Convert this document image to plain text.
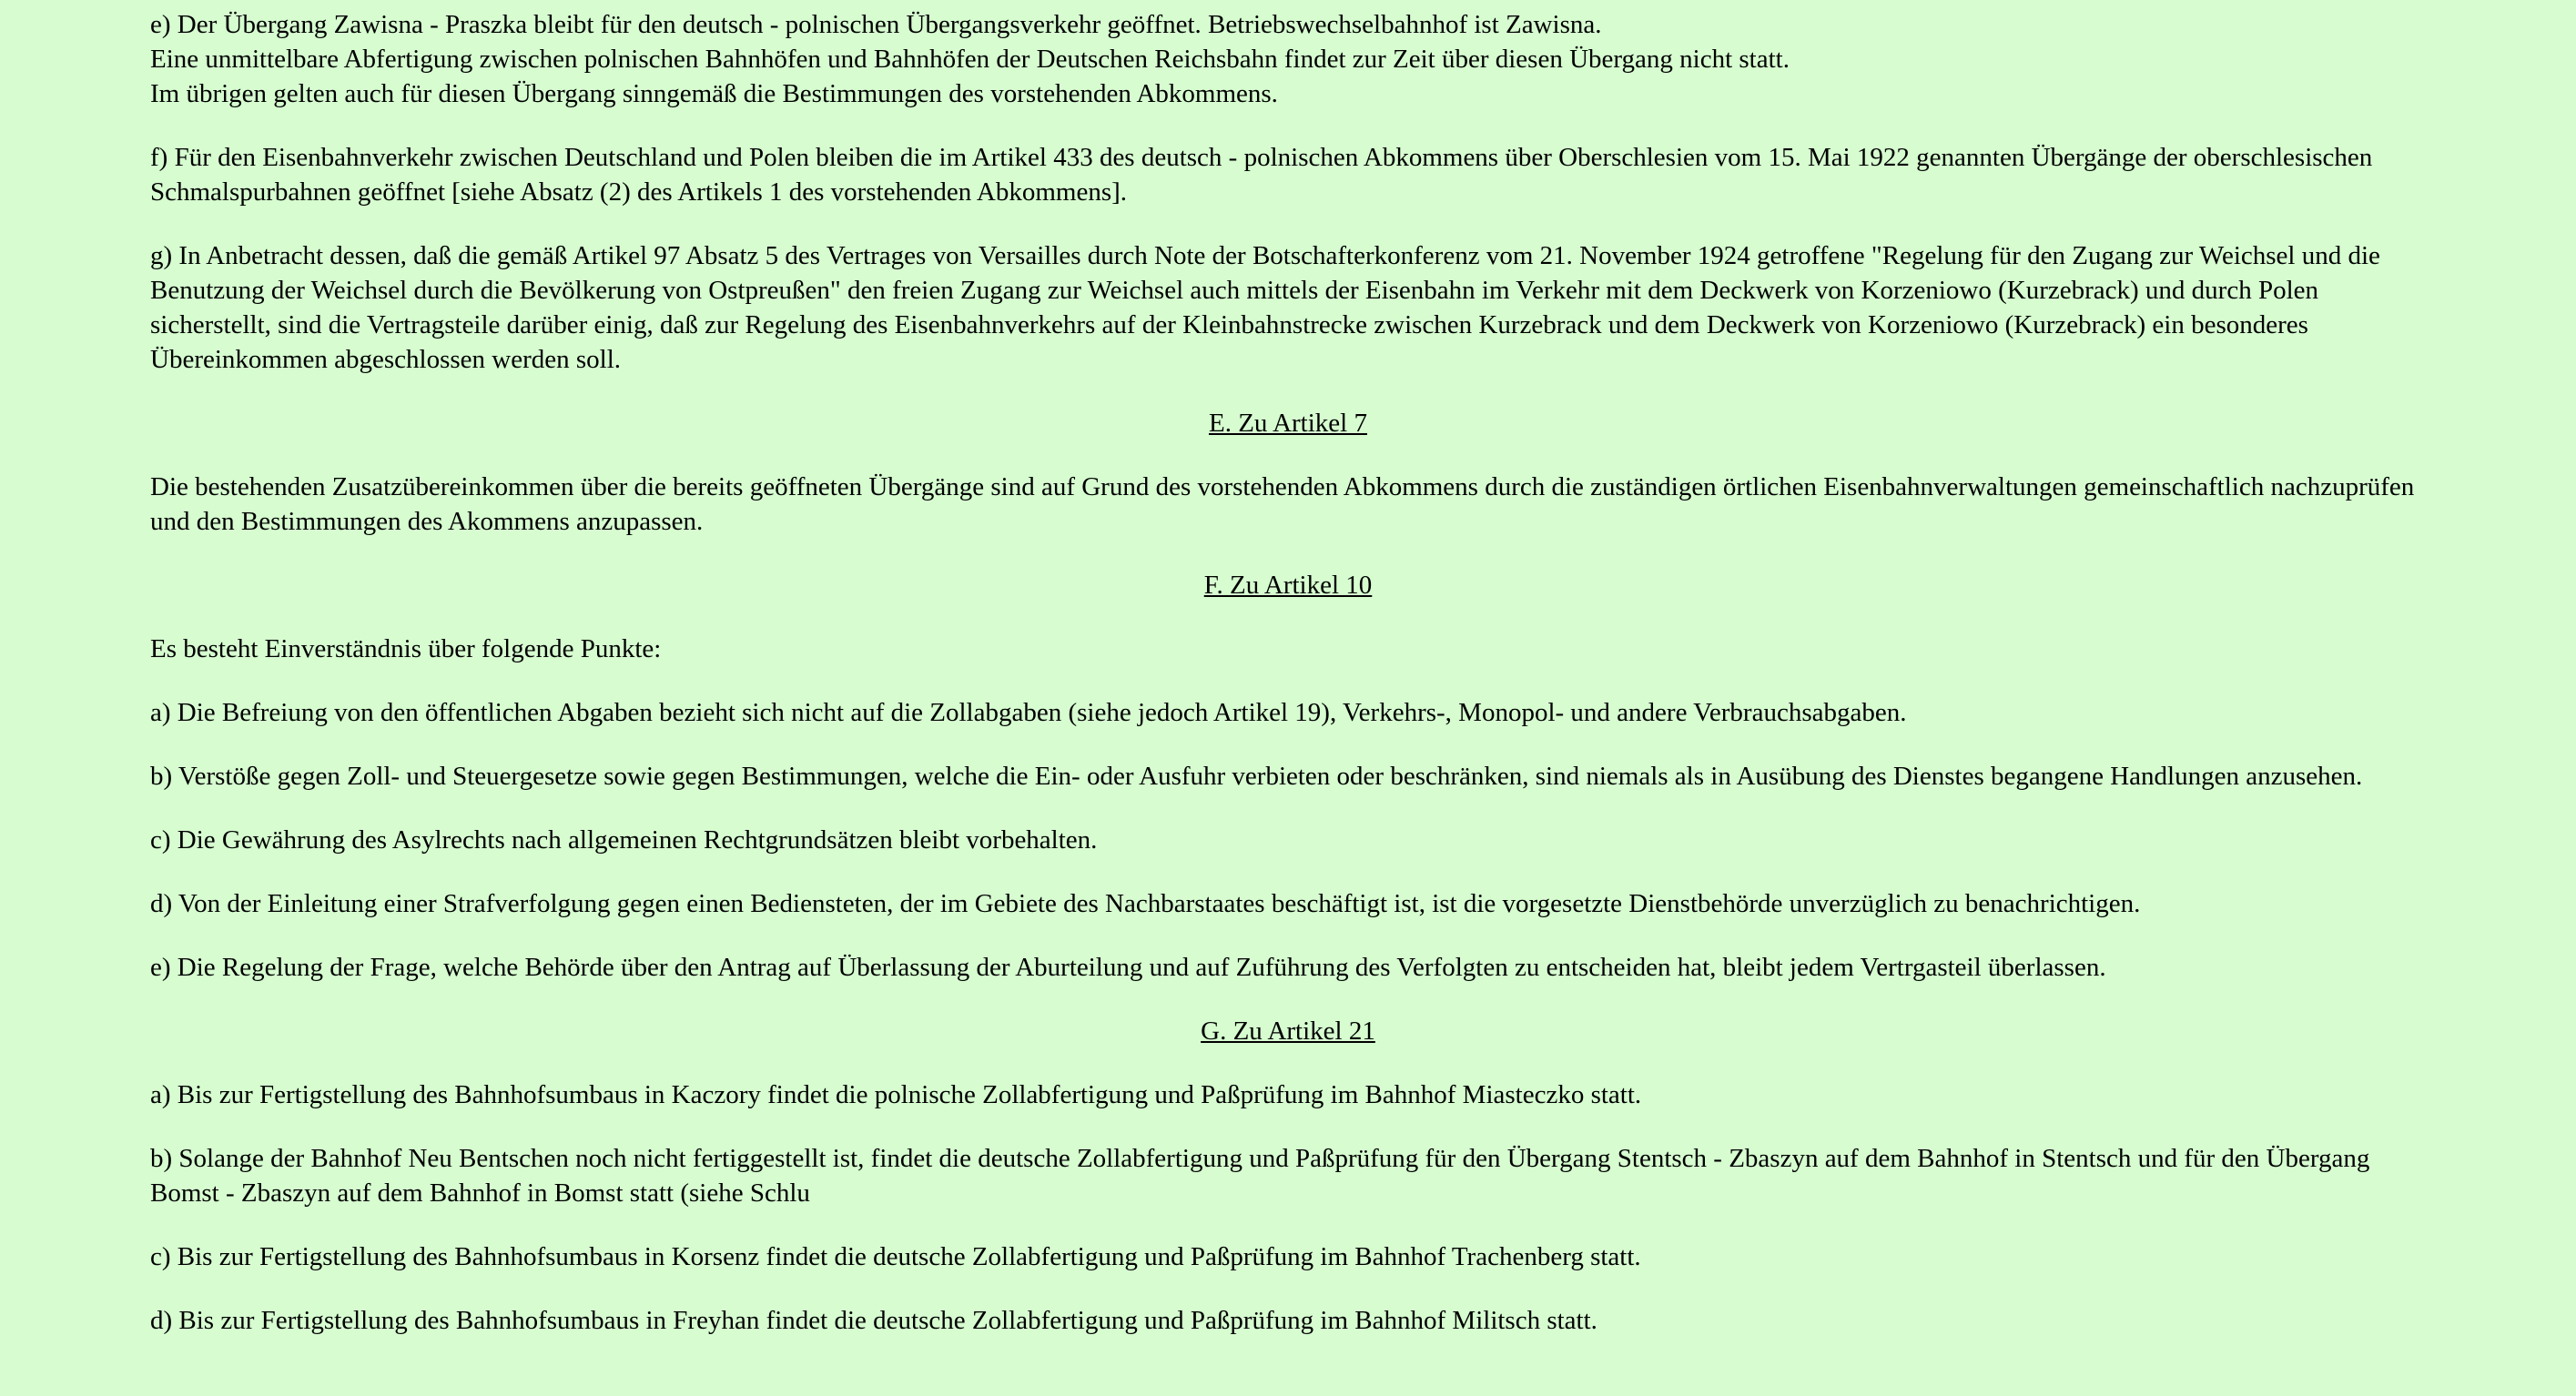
e) Der Übergang Zawisna - Praszka bleibt für den deutsch - polnischen Übergangsverkehr geöffnet. Betriebswechselbahnhof ist Zawisna.
Eine unmittelbare Abfertigung zwischen polnischen Bahnhöfen und Bahnhöfen der Deutschen Reichsbahn findet zur Zeit über diesen Übergang nicht statt.
Im übrigen gelten auch für diesen Übergang sinngemäß die Bestimmungen des vorstehenden Abkommens.
f) Für den Eisenbahnverkehr zwischen Deutschland und Polen bleiben die im Artikel 433 des deutsch - polnischen Abkommens über Oberschlesien vom 15. Mai 1922 genannten Übergänge der oberschlesischen Schmalspurbahnen geöffnet [siehe Absatz (2) des Artikels 1 des vorstehenden Abkommens].
g) In Anbetracht dessen, daß die gemäß Artikel 97 Absatz 5 des Vertrages von Versailles durch Note der Botschafterkonferenz vom 21. November 1924 getroffene "Regelung für den Zugang zur Weichsel und die Benutzung der Weichsel durch die Bevölkerung von Ostpreußen" den freien Zugang zur Weichsel auch mittels der Eisenbahn im Verkehr mit dem Deckwerk von Korzeniowo (Kurzebrack) und durch Polen sicherstellt, sind die Vertragsteile darüber einig, daß zur Regelung des Eisenbahnverkehrs auf der Kleinbahnstrecke zwischen Kurzebrack und dem Deckwerk von Korzeniowo (Kurzebrack) ein besonderes Übereinkommen abgeschlossen werden soll.
E. Zu Artikel 7
Die bestehenden Zusatzübereinkommen über die bereits geöffneten Übergänge sind auf Grund des vorstehenden Abkommens durch die zuständigen örtlichen Eisenbahnverwaltungen gemeinschaftlich nachzuprüfen und den Bestimmungen des Akommens anzupassen.
F. Zu Artikel 10
Es besteht Einverständnis über folgende Punkte:
a) Die Befreiung von den öffentlichen Abgaben bezieht sich nicht auf die Zollabgaben (siehe jedoch Artikel 19), Verkehrs-, Monopol- und andere Verbrauchsabgaben.
b) Verstöße gegen Zoll- und Steuergesetze sowie gegen Bestimmungen, welche die Ein- oder Ausfuhr verbieten oder beschränken, sind niemals als in Ausübung des Dienstes begangene Handlungen anzusehen.
c) Die Gewährung des Asylrechts nach allgemeinen Rechtgrundsätzen bleibt vorbehalten.
d) Von der Einleitung einer Strafverfolgung gegen einen Bediensteten, der im Gebiete des Nachbarstaates beschäftigt ist, ist die vorgesetzte Dienstbehörde unverzüglich zu benachrichtigen.
e) Die Regelung der Frage, welche Behörde über den Antrag auf Überlassung der Aburteilung und auf Zuführung des Verfolgten zu entscheiden hat, bleibt jedem Vertrgasteil überlassen.
G. Zu Artikel 21
a) Bis zur Fertigstellung des Bahnhofsumbaus in Kaczory findet die polnische Zollabfertigung und Paßprüfung im Bahnhof Miasteczko statt.
b) Solange der Bahnhof Neu Bentschen noch nicht fertiggestellt ist, findet die deutsche Zollabfertigung und Paßprüfung für den Übergang Stentsch - Zbaszyn auf dem Bahnhof in Stentsch und für den Übergang Bomst - Zbaszyn auf dem Bahnhof in Bomst statt (siehe Schlu
c) Bis zur Fertigstellung des Bahnhofsumbaus in Korsenz findet die deutsche Zollabfertigung und Paßprüfung im Bahnhof Trachenberg statt.
d) Bis zur Fertigstellung des Bahnhofsumbaus in Freyhan findet die deutsche Zollabfertigung und Paßprüfung im Bahnhof Militsch statt.
